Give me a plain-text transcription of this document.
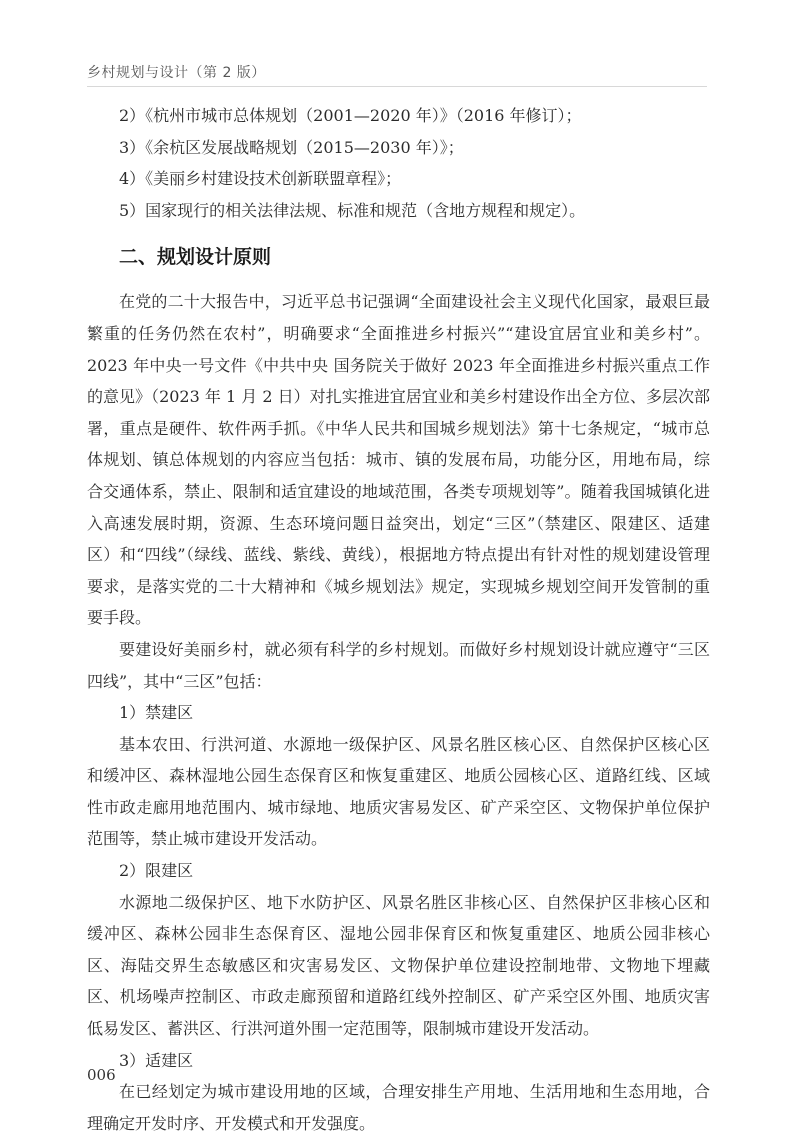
乡村规划与设计（第 2 版）

2）《杭州市城市总体规划（2001—2020 年）》（2016 年修订）；

3）《余杭区发展战略规划（2015—2030 年）》；

4）《美丽乡村建设技术创新联盟章程》；

5）国家现行的相关法律法规、标准和规范（含地方规程和规定）。

二、规划设计原则

在党的二十大报告中，习近平总书记强调“全面建设社会主义现代化国家，最艰巨最繁重的任务仍然在农村”，明确要求“全面推进乡村振兴”“建设宜居宜业和美乡村”。2023 年中央一号文件《中共中央 国务院关于做好 2023 年全面推进乡村振兴重点工作的意见》（2023 年 1 月 2 日）对扎实推进宜居宜业和美乡村建设作出全方位、多层次部署，重点是硬件、软件两手抓。《中华人民共和国城乡规划法》第十七条规定，“城市总体规划、镇总体规划的内容应当包括：城市、镇的发展布局，功能分区，用地布局，综合交通体系，禁止、限制和适宜建设的地域范围，各类专项规划等”。随着我国城镇化进入高速发展时期，资源、生态环境问题日益突出，划定“三区”（禁建区、限建区、适建区）和“四线”（绿线、蓝线、紫线、黄线），根据地方特点提出有针对性的规划建设管理要求，是落实党的二十大精神和《城乡规划法》规定，实现城乡规划空间开发管制的重要手段。

要建设好美丽乡村，就必须有科学的乡村规划。而做好乡村规划设计就应遵守“三区四线”，其中“三区”包括：

1）禁建区

基本农田、行洪河道、水源地一级保护区、风景名胜区核心区、自然保护区核心区和缓冲区、森林湿地公园生态保育区和恢复重建区、地质公园核心区、道路红线、区域性市政走廊用地范围内、城市绿地、地质灾害易发区、矿产采空区、文物保护单位保护范围等，禁止城市建设开发活动。

2）限建区

水源地二级保护区、地下水防护区、风景名胜区非核心区、自然保护区非核心区和缓冲区、森林公园非生态保育区、湿地公园非保育区和恢复重建区、地质公园非核心区、海陆交界生态敏感区和灾害易发区、文物保护单位建设控制地带、文物地下埋藏区、机场噪声控制区、市政走廊预留和道路红线外控制区、矿产采空区外围、地质灾害低易发区、蓄洪区、行洪河道外围一定范围等，限制城市建设开发活动。

3）适建区

在已经划定为城市建设用地的区域，合理安排生产用地、生活用地和生态用地，合理确定开发时序、开发模式和开发强度。

006
